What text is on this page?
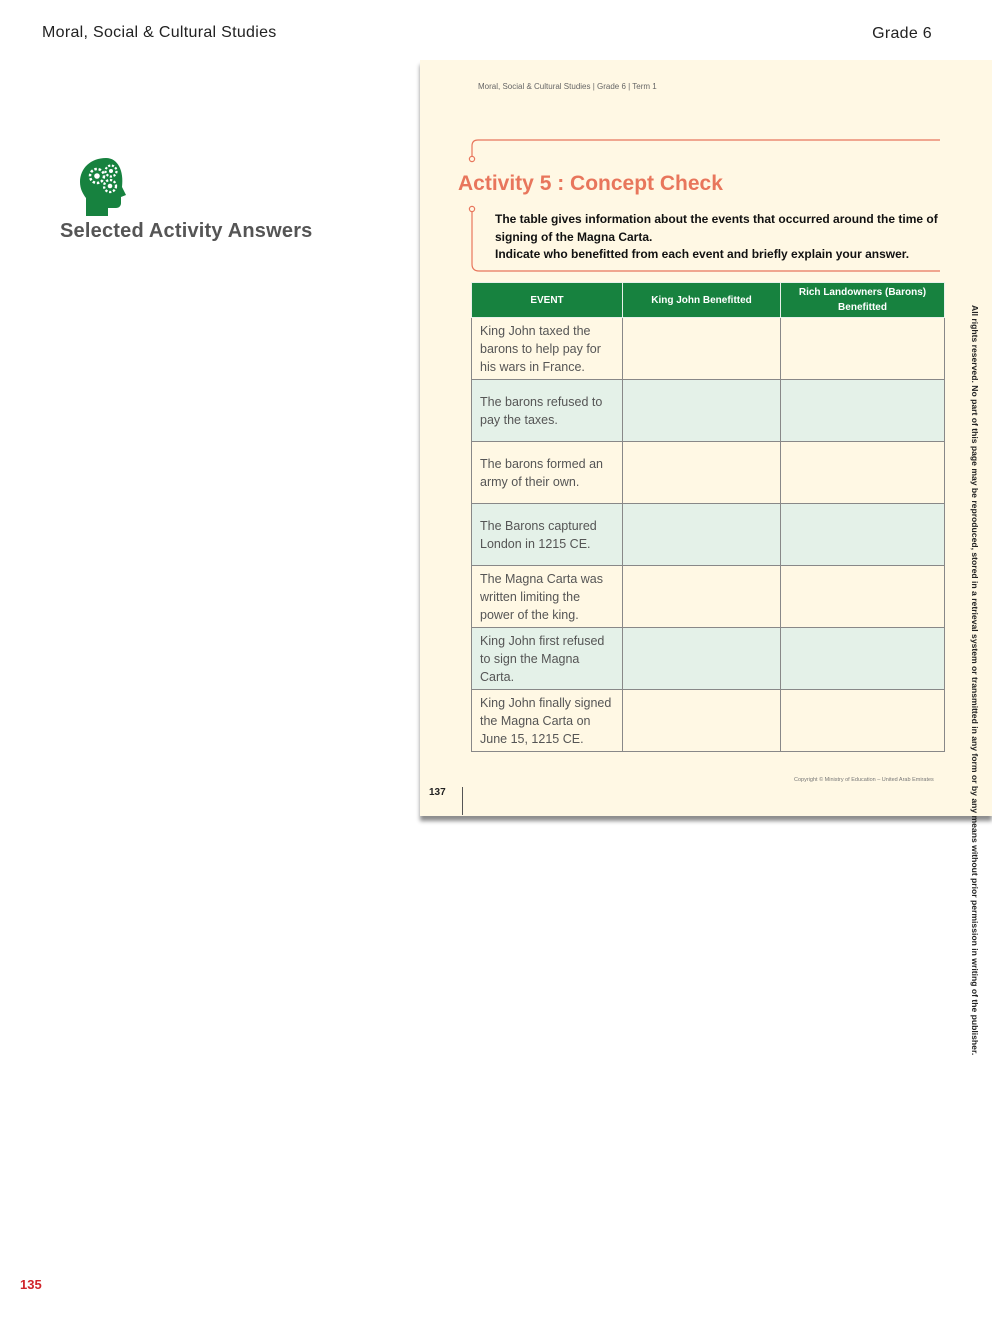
Moral, Social & Cultural Studies	Grade 6
Selected Activity Answers
Moral, Social & Cultural Studies | Grade 6 | Term 1
Activity 5 : Concept Check

The table gives information about the events that occurred around the time of signing of the Magna Carta.

Indicate who benefitted from each event and briefly explain your answer.

EVENT	King John Benefitted	Rich Landowners (Barons) Benefitted
King John taxed the barons to help pay for his wars in France.		
The barons refused to pay the taxes.		
The barons formed an army of their own.		
The Barons captured London in 1215 CE.		
The Magna Carta was written limiting the power of the king.		
King John first refused to sign the Magna Carta.		
King John finally signed the Magna Carta on June 15, 1215 CE.		
137
Copyright © Ministry of Education – United Arab Emirates	All rights reserved. No part of this page may be reproduced, stored in a retrieval system or transmitted in any form or by any means without prior permission in writing of the publisher.
135
